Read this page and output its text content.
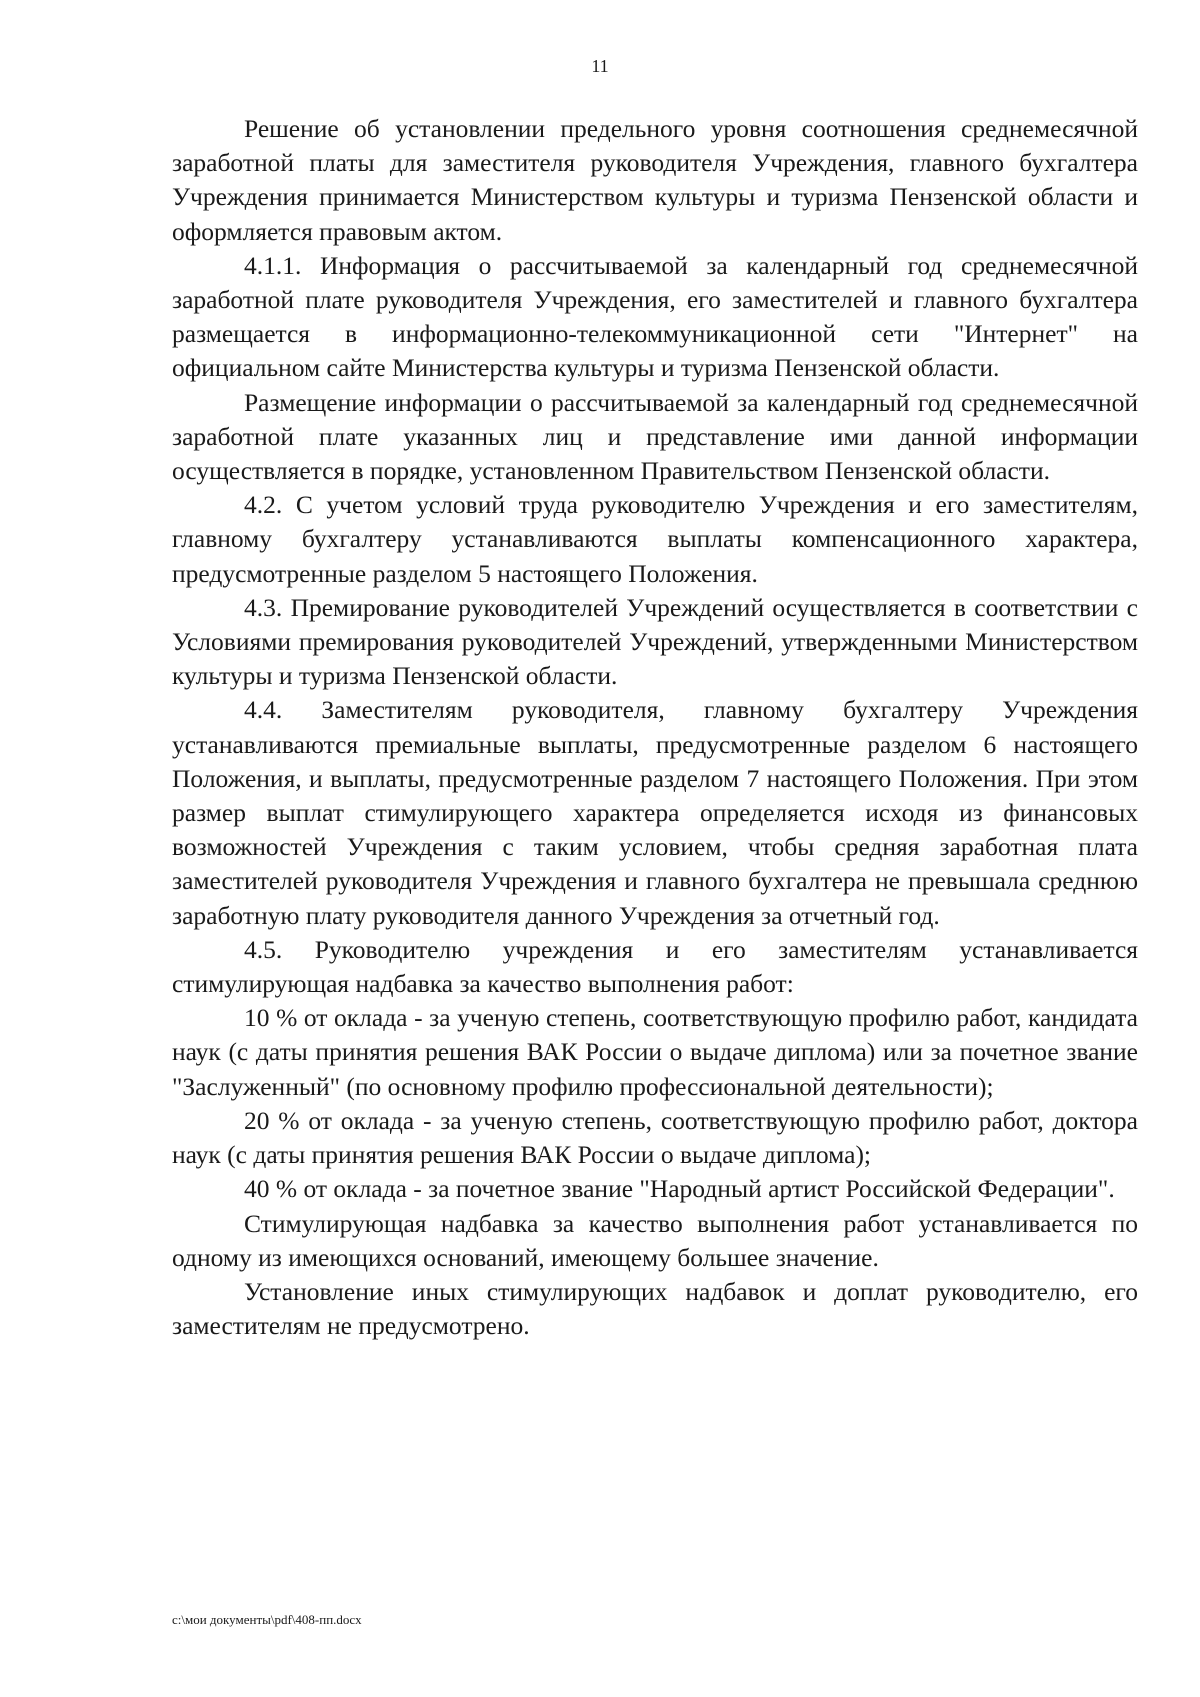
11

Решение об установлении предельного уровня соотношения среднемесячной заработной платы для заместителя руководителя Учреждения, главного бухгалтера Учреждения принимается Министерством культуры и туризма Пензенской области и оформляется правовым актом.

4.1.1. Информация о рассчитываемой за календарный год среднемесячной заработной плате руководителя Учреждения, его заместителей и главного бухгалтера размещается в информационно-телекоммуникационной сети "Интернет" на официальном сайте Министерства культуры и туризма Пензенской области.

Размещение информации о рассчитываемой за календарный год среднемесячной заработной плате указанных лиц и представление ими данной информации осуществляется в порядке, установленном Правительством Пензенской области.

4.2. С учетом условий труда руководителю Учреждения и его заместителям, главному бухгалтеру устанавливаются выплаты компенсационного характера, предусмотренные разделом 5 настоящего Положения.

4.3. Премирование руководителей Учреждений осуществляется в соответствии с Условиями премирования руководителей Учреждений, утвержденными Министерством культуры и туризма Пензенской области.

4.4. Заместителям руководителя, главному бухгалтеру Учреждения устанавливаются премиальные выплаты, предусмотренные разделом 6 настоящего Положения, и выплаты, предусмотренные разделом 7 настоящего Положения. При этом размер выплат стимулирующего характера определяется исходя из финансовых возможностей Учреждения с таким условием, чтобы средняя заработная плата заместителей руководителя Учреждения и главного бухгалтера не превышала среднюю заработную плату руководителя данного Учреждения за отчетный год.

4.5. Руководителю учреждения и его заместителям устанавливается стимулирующая надбавка за качество выполнения работ:

10 % от оклада - за ученую степень, соответствующую профилю работ, кандидата наук (с даты принятия решения ВАК России о выдаче диплома) или за почетное звание "Заслуженный" (по основному профилю профессиональной деятельности);

20 % от оклада - за ученую степень, соответствующую профилю работ, доктора наук (с даты принятия решения ВАК России о выдаче диплома);

40 % от оклада - за почетное звание "Народный артист Российской Федерации".

Стимулирующая надбавка за качество выполнения работ устанавливается по одному из имеющихся оснований, имеющему большее значение.

Установление иных стимулирующих надбавок и доплат руководителю, его заместителям не предусмотрено.

c:\мои документы\pdf\408-пп.docx
